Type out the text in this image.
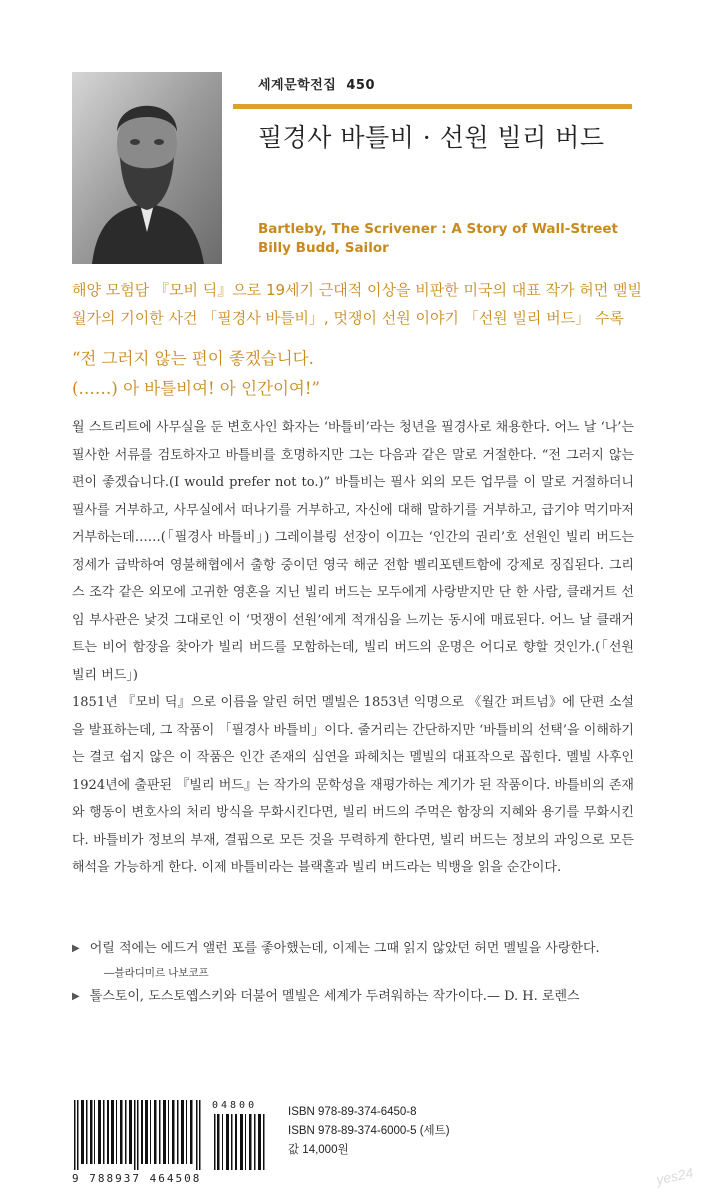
세계문학전집 450
필경사 바틀비 · 선원 빌리 버드
Bartleby, The Scrivener : A Story of Wall-Street
Billy Budd, Sailor
해양 모험담 『모비 딕』으로 19세기 근대적 이상을 비판한 미국의 대표 작가 허먼 멜빌
월가의 기이한 사건 「필경사 바틀비」, 멋쟁이 선원 이야기 「선원 빌리 버드」 수록
“전 그러지 않는 편이 좋겠습니다.
(……) 아 바틀비여! 아 인간이여!”

월 스트리트에 사무실을 둔 변호사인 화자는 ‘바틀비’라는 청년을 필경사로 채용한다. 어느 날 ‘나’는 필사한 서류를 검토하자고 바틀비를 호명하지만 그는 다음과 같은 말로 거절한다. “전 그러지 않는 편이 좋겠습니다.(I would prefer not to.)” 바틀비는 필사 외의 모든 업무를 이 말로 거절하더니 필사를 거부하고, 사무실에서 떠나기를 거부하고, 자신에 대해 말하기를 거부하고, 급기야 먹기마저 거부하는데……(「필경사 바틀비」) 그레이블링 선장이 이끄는 ‘인간의 권리’호 선원인 빌리 버드는 정세가 급박하여 영불해협에서 출항 중이던 영국 해군 전함 벨리포텐트함에 강제로 징집된다. 그리스 조각 같은 외모에 고귀한 영혼을 지닌 빌리 버드는 모두에게 사랑받지만 단 한 사람, 클래거트 선임 부사관은 낯것 그대로인 이 ‘멋쟁이 선원’에게 적개심을 느끼는 동시에 매료된다. 어느 날 클래거트는 비어 함장을 찾아가 빌리 버드를 모함하는데, 빌리 버드의 운명은 어디로 향할 것인가.(「선원 빌리 버드」)

1851년 『모비 딕』으로 이름을 알린 허먼 멜빌은 1853년 익명으로 《월간 퍼트넘》에 단편 소설을 발표하는데, 그 작품이 「필경사 바틀비」이다. 줄거리는 간단하지만 ‘바틀비의 선택’을 이해하기는 결코 쉽지 않은 이 작품은 인간 존재의 심연을 파헤치는 멜빌의 대표작으로 꼽힌다. 멜빌 사후인 1924년에 출판된 『빌리 버드』는 작가의 문학성을 재평가하는 계기가 된 작품이다. 바틀비의 존재와 행동이 변호사의 처리 방식을 무화시킨다면, 빌리 버드의 주먹은 함장의 지혜와 용기를 무화시킨다. 바틀비가 정보의 부재, 결핍으로 모든 것을 무력하게 한다면, 빌리 버드는 정보의 과잉으로 모든 해석을 가능하게 한다. 이제 바틀비라는 블랙홀과 빌리 버드라는 빅뱅을 읽을 순간이다.

▶ 어릴 적에는 에드거 앨런 포를 좋아했는데, 이제는 그때 읽지 않았던 허먼 멜빌을 사랑한다.
—블라디미르 나보코프
▶ 톨스토이, 도스토옙스키와 더불어 멜빌은 세계가 두려워하는 작가이다.— D. H. 로렌스
04800
9 788937 464508
ISBN 978-89-374-6450-8
ISBN 978-89-374-6000-5 (세트)
값 14,000원
yes24
